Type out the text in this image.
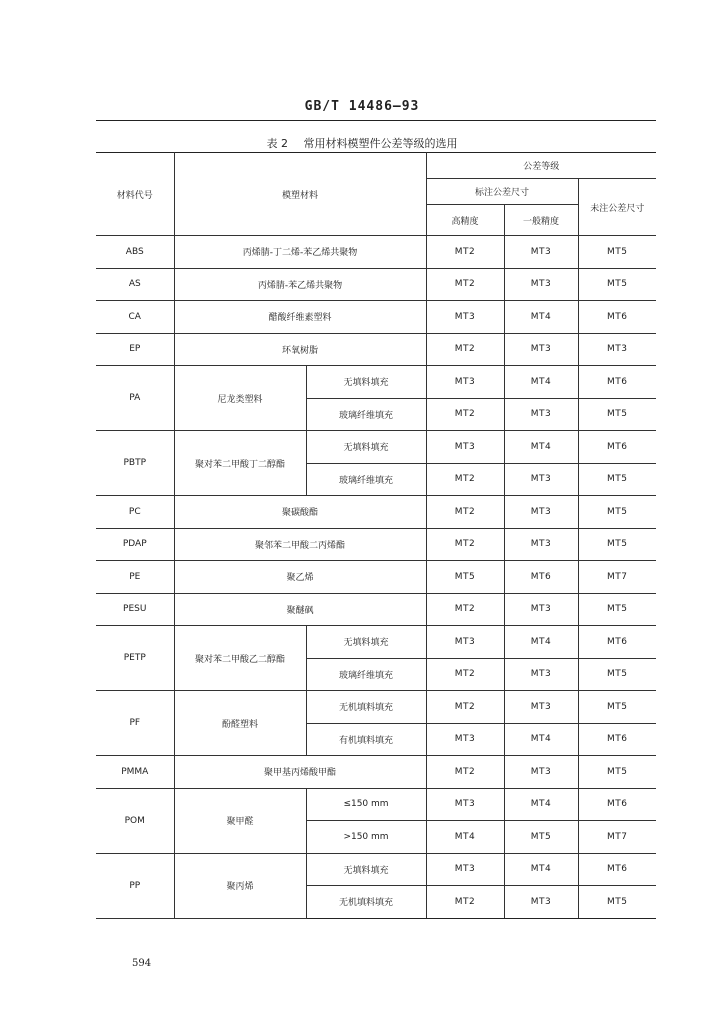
GB/T 14486—93
表 2 常用材料模塑件公差等级的选用
材料代号	模塑材料		公差等级		
			标注公差尺寸		未注公差尺寸
			高精度	一般精度	
ABS	丙烯腈-丁二烯-苯乙烯共聚物		MT2	MT3	MT5
AS	丙烯腈-苯乙烯共聚物		MT2	MT3	MT5
CA	醋酸纤维素塑料		MT3	MT4	MT6
EP	环氧树脂		MT2	MT3	MT3
PA	尼龙类塑料	无填料填充	MT3	MT4	MT6
		玻璃纤维填充	MT2	MT3	MT5
PBTP	聚对苯二甲酸丁二醇酯	无填料填充	MT3	MT4	MT6
		玻璃纤维填充	MT2	MT3	MT5
PC	聚碳酸酯		MT2	MT3	MT5
PDAP	聚邻苯二甲酸二丙烯酯		MT2	MT3	MT5
PE	聚乙烯		MT5	MT6	MT7
PESU	聚醚砜		MT2	MT3	MT5
PETP	聚对苯二甲酸乙二醇酯	无填料填充	MT3	MT4	MT6
		玻璃纤维填充	MT2	MT3	MT5
PF	酚醛塑料	无机填料填充	MT2	MT3	MT5
		有机填料填充	MT3	MT4	MT6
PMMA	聚甲基丙烯酸甲酯		MT2	MT3	MT5
POM	聚甲醛	≤150 mm	MT3	MT4	MT6
		>150 mm	MT4	MT5	MT7
PP	聚丙烯	无填料填充	MT3	MT4	MT6
		无机填料填充	MT2	MT3	MT5
594
